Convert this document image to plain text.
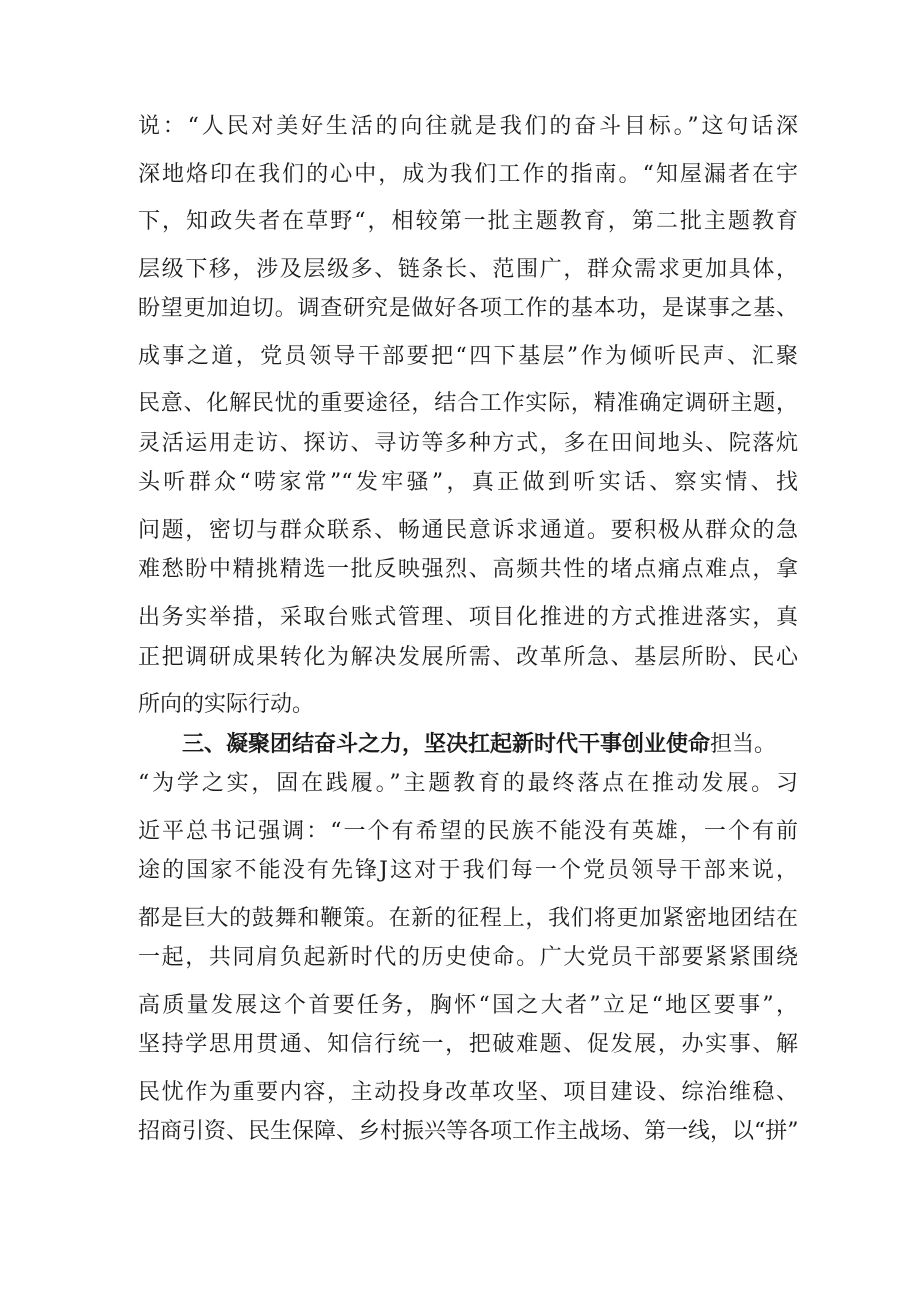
说：“人民对美好生活的向往就是我们的奋斗目标。”这句话深
深地烙印在我们的心中，成为我们工作的指南。“知屋漏者在宇
下，知政失者在草野“，相较第一批主题教育，第二批主题教育
层级下移，涉及层级多、链条长、范围广，群众需求更加具体，
盼望更加迫切。调查研究是做好各项工作的基本功，是谋事之基、
成事之道，党员领导干部要把“四下基层”作为倾听民声、汇聚
民意、化解民忧的重要途径，结合工作实际，精准确定调研主题，
灵活运用走访、探访、寻访等多种方式，多在田间地头、院落炕
头听群众“唠家常”“发牢骚”，真正做到听实话、察实情、找
问题，密切与群众联系、畅通民意诉求通道。要积极从群众的急
难愁盼中精挑精选一批反映强烈、高频共性的堵点痛点难点，拿
出务实举措，采取台账式管理、项目化推进的方式推进落实，真
正把调研成果转化为解决发展所需、改革所急、基层所盼、民心
所向的实际行动。
三、凝聚团结奋斗之力，坚决扛起新时代干事创业使命担当。
“为学之实，固在践履。”主题教育的最终落点在推动发展。习
近平总书记强调：“一个有希望的民族不能没有英雄，一个有前
途的国家不能没有先锋J这对于我们每一个党员领导干部来说，
都是巨大的鼓舞和鞭策。在新的征程上，我们将更加紧密地团结在
一起，共同肩负起新时代的历史使命。广大党员干部要紧紧围绕
高质量发展这个首要任务，胸怀“国之大者”立足“地区要事”，
坚持学思用贯通、知信行统一，把破难题、促发展，办实事、解
民忧作为重要内容，主动投身改革攻坚、项目建设、综治维稳、
招商引资、民生保障、乡村振兴等各项工作主战场、第一线，以“拼”
